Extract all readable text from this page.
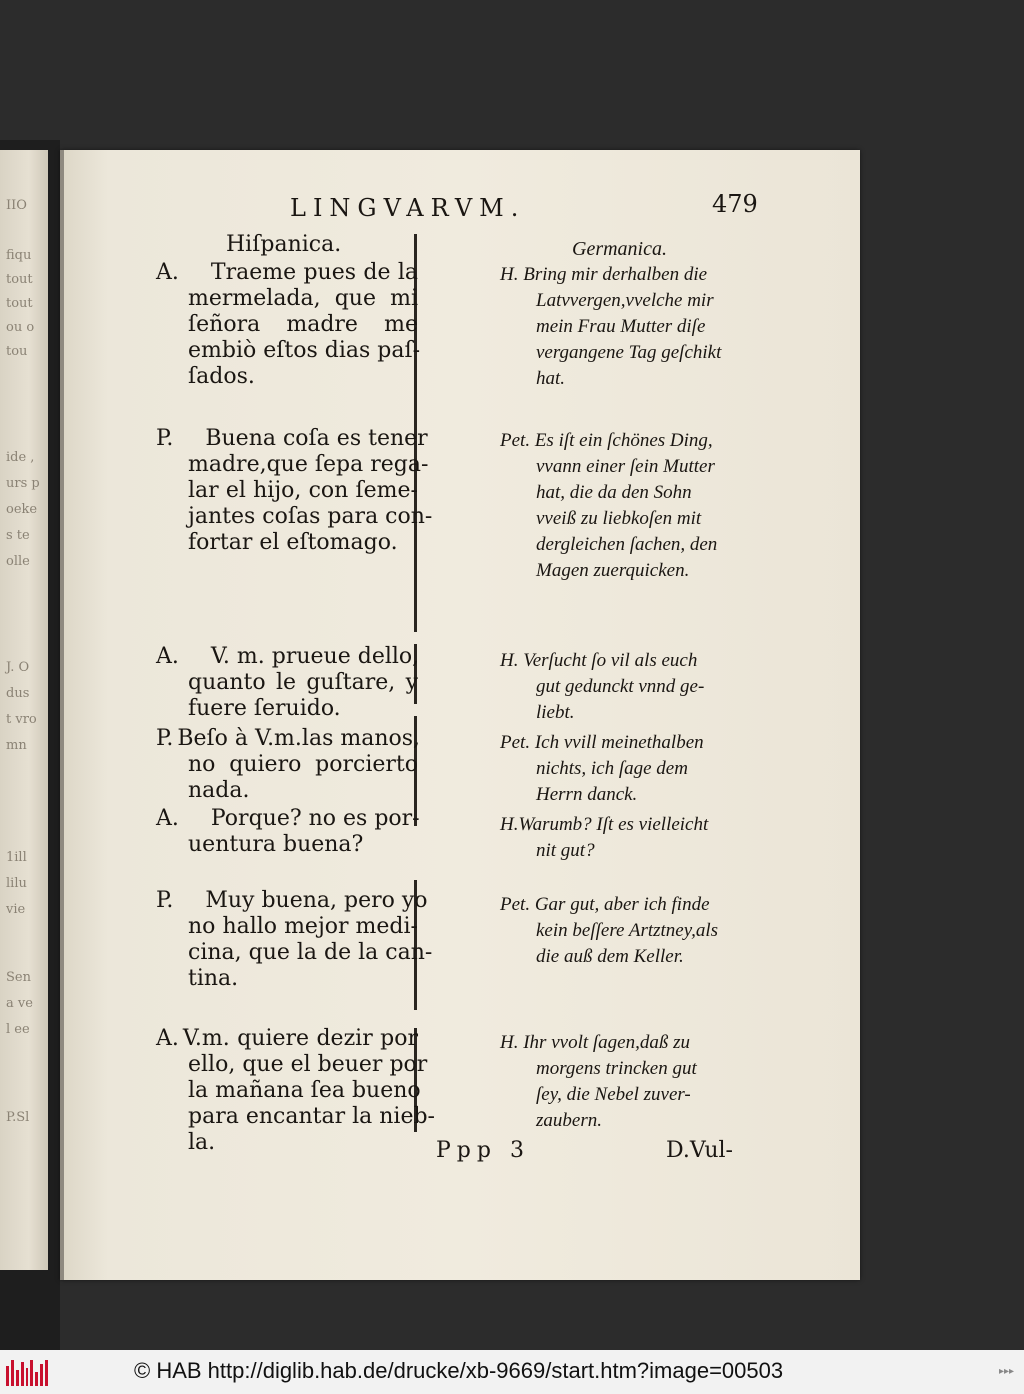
IIO
fiqu
tout
tout
ou o
tou
ide ,
urs p
oeke
s te
olle
J. O
dus
t vro
mn
1ill
lilu
vie
Sen
a ve
l ee
P.Sl
LINGVARVM.	479
Hiſpanica.	Germanica.
A. Traeme pues de la
mermelada, que mi
ſeñora madre me
embiò eſtos dias paſ-
ſados.
P. Buena coſa es tener
madre,que ſepa rega-
lar el hijo, con ſeme-
jantes coſas para con-
fortar el eſtomago.
A. V. m. prueue dello,
quanto le guſtare, y
fuere ſeruido.
P. Beſo à V.m.las manos,
no quiero porcierto
nada.
A. Porque? no es por-
uentura buena?
P. Muy buena, pero yo
no hallo mejor medi-
cina, que la de la can-
tina.
A. V.m. quiere dezir por
ello, que el beuer por
la mañana ſea bueno
para encantar la nieb-
la.
H. Bring mir derhalben die
Latvvergen,vvelche mir
mein Frau Mutter diſe
vergangene Tag geſchikt
hat.
Pet. Es iſt ein ſchönes Ding,
vvann einer ſein Mutter
hat, die da den Sohn
vveiß zu liebkoſen mit
dergleichen ſachen, den
Magen zuerquicken.
H. Verſucht ſo vil als euch
gut gedunckt vnnd ge-
liebt.
Pet. Ich vvill meinethalben
nichts, ich ſage dem
Herrn danck.
H.Warumb? Iſt es vielleicht
nit gut?
Pet. Gar gut, aber ich finde
kein beſſere Artztney,als
die auß dem Keller.
H. Ihr vvolt ſagen,daß zu
morgens trincken gut
ſey, die Nebel zuver-
zaubern.
Ppp 3	D.Vul-
© HAB http://diglib.hab.de/drucke/xb-9669/start.htm?image=00503	▸▸▸
